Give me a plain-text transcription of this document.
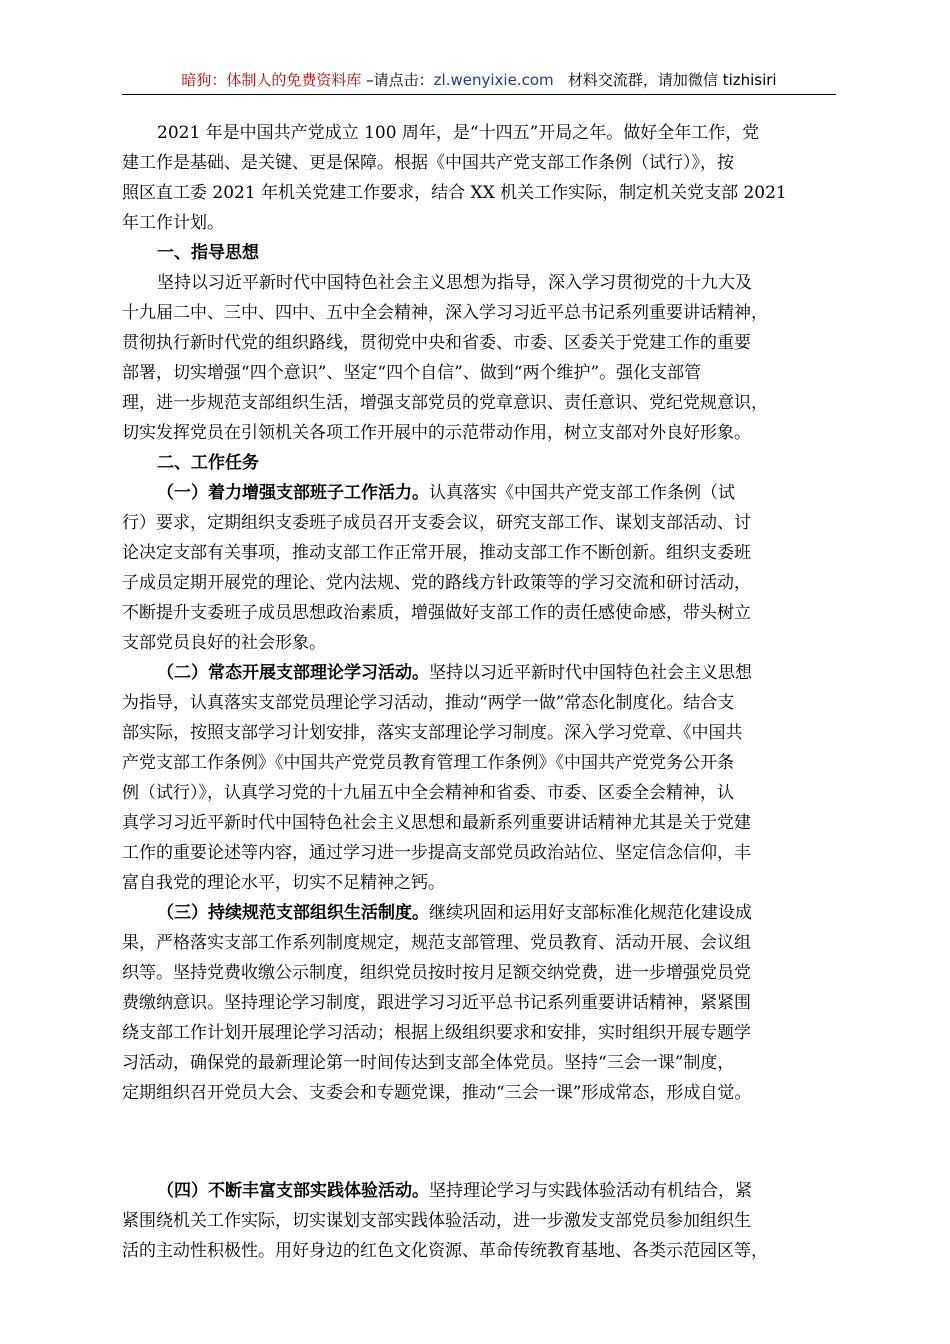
暗狗：体制人的免费资料库 –请点击：zl.wenyixie.com 材料交流群，请加微信 tizhisiri
2021 年是中国共产党成立 100 周年，是“十四五”开局之年。做好全年工作，党
建工作是基础、是关键、更是保障。根据《中国共产党支部工作条例（试行）》，按
照区直工委 2021 年机关党建工作要求，结合 XX 机关工作实际，制定机关党支部 2021
年工作计划。
一、指导思想
坚持以习近平新时代中国特色社会主义思想为指导，深入学习贯彻党的十九大及
十九届二中、三中、四中、五中全会精神，深入学习习近平总书记系列重要讲话精神，
贯彻执行新时代党的组织路线，贯彻党中央和省委、市委、区委关于党建工作的重要
部署，切实增强“四个意识”、坚定“四个自信”、做到“两个维护”。强化支部管
理，进一步规范支部组织生活，增强支部党员的党章意识、责任意识、党纪党规意识，
切实发挥党员在引领机关各项工作开展中的示范带动作用，树立支部对外良好形象。
二、工作任务
（一）着力增强支部班子工作活力。认真落实《中国共产党支部工作条例（试
行）要求，定期组织支委班子成员召开支委会议，研究支部工作、谋划支部活动、讨
论决定支部有关事项，推动支部工作正常开展，推动支部工作不断创新。组织支委班
子成员定期开展党的理论、党内法规、党的路线方针政策等的学习交流和研讨活动，
不断提升支委班子成员思想政治素质，增强做好支部工作的责任感使命感，带头树立
支部党员良好的社会形象。
（二）常态开展支部理论学习活动。坚持以习近平新时代中国特色社会主义思想
为指导，认真落实支部党员理论学习活动，推动“两学一做”常态化制度化。结合支
部实际，按照支部学习计划安排，落实支部理论学习制度。深入学习党章、《中国共
产党支部工作条例》《中国共产党党员教育管理工作条例》《中国共产党党务公开条
例（试行）》，认真学习党的十九届五中全会精神和省委、市委、区委全会精神，认
真学习习近平新时代中国特色社会主义思想和最新系列重要讲话精神尤其是关于党建
工作的重要论述等内容，通过学习进一步提高支部党员政治站位、坚定信念信仰，丰
富自我党的理论水平，切实不足精神之钙。
（三）持续规范支部组织生活制度。继续巩固和运用好支部标准化规范化建设成
果，严格落实支部工作系列制度规定，规范支部管理、党员教育、活动开展、会议组
织等。坚持党费收缴公示制度，组织党员按时按月足额交纳党费，进一步增强党员党
费缴纳意识。坚持理论学习制度，跟进学习习近平总书记系列重要讲话精神，紧紧围
绕支部工作计划开展理论学习活动；根据上级组织要求和安排，实时组织开展专题学
习活动，确保党的最新理论第一时间传达到支部全体党员。坚持“三会一课”制度，
定期组织召开党员大会、支委会和专题党课，推动“三会一课”形成常态，形成自觉。
（四）不断丰富支部实践体验活动。坚持理论学习与实践体验活动有机结合，紧
紧围绕机关工作实际，切实谋划支部实践体验活动，进一步激发支部党员参加组织生
活的主动性积极性。用好身边的红色文化资源、革命传统教育基地、各类示范园区等，
